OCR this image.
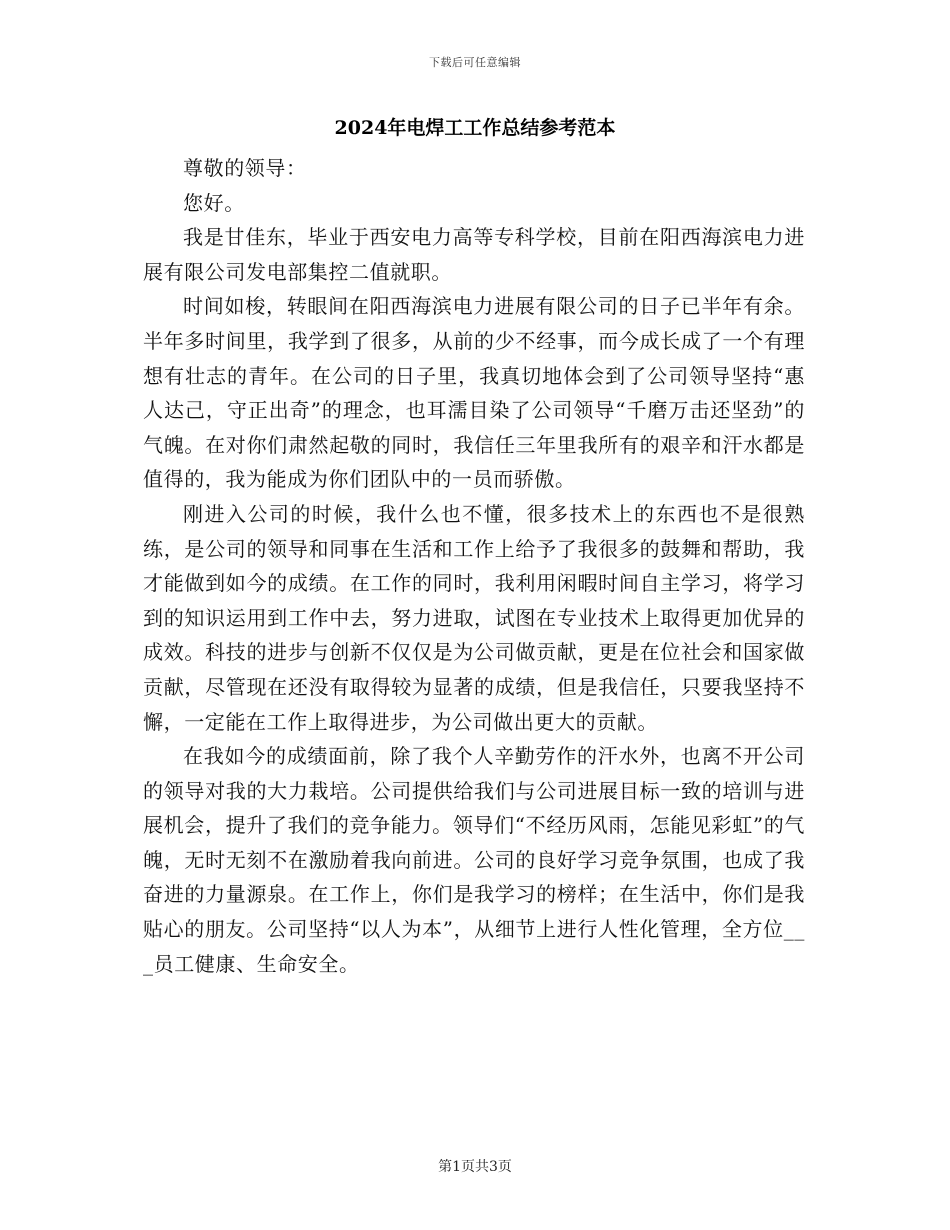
下载后可任意编辑
2024年电焊工工作总结参考范本

尊敬的领导：

您好。

我是甘佳东，毕业于西安电力高等专科学校，目前在阳西海滨电力进展有限公司发电部集控二值就职。

时间如梭，转眼间在阳西海滨电力进展有限公司的日子已半年有余。半年多时间里，我学到了很多，从前的少不经事，而今成长成了一个有理想有壮志的青年。在公司的日子里，我真切地体会到了公司领导坚持“惠人达己，守正出奇”的理念，也耳濡目染了公司领导“千磨万击还坚劲”的气魄。在对你们肃然起敬的同时，我信任三年里我所有的艰辛和汗水都是值得的，我为能成为你们团队中的一员而骄傲。

刚进入公司的时候，我什么也不懂，很多技术上的东西也不是很熟练，是公司的领导和同事在生活和工作上给予了我很多的鼓舞和帮助，我才能做到如今的成绩。在工作的同时，我利用闲暇时间自主学习，将学习到的知识运用到工作中去，努力进取，试图在专业技术上取得更加优异的成效。科技的进步与创新不仅仅是为公司做贡献，更是在位社会和国家做贡献，尽管现在还没有取得较为显著的成绩，但是我信任，只要我坚持不懈，一定能在工作上取得进步，为公司做出更大的贡献。

在我如今的成绩面前，除了我个人辛勤劳作的汗水外，也离不开公司的领导对我的大力栽培。公司提供给我们与公司进展目标一致的培训与进展机会，提升了我们的竞争能力。领导们“不经历风雨，怎能见彩虹”的气魄，无时无刻不在激励着我向前进。公司的良好学习竞争氛围，也成了我奋进的力量源泉。在工作上，你们是我学习的榜样；在生活中，你们是我贴心的朋友。公司坚持“以人为本”，从细节上进行人性化管理，全方位___员工健康、生命安全。

第1页共3页
